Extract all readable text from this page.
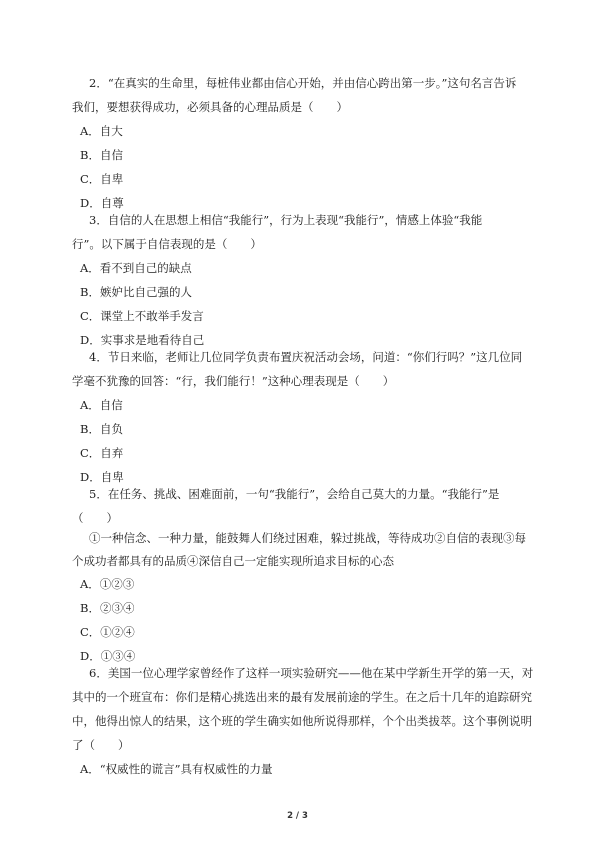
2．“在真实的生命里，每桩伟业都由信心开始，并由信心跨出第一步。”这句名言告诉
我们，要想获得成功，必须具备的心理品质是（　　）
A．自大
B．自信
C．自卑
D．自尊
3．自信的人在思想上相信“我能行”，行为上表现“我能行”，情感上体验“我能
行”。以下属于自信表现的是（　　）
A．看不到自己的缺点
B．嫉妒比自己强的人
C．课堂上不敢举手发言
D．实事求是地看待自己
4．节日来临，老师让几位同学负责布置庆祝活动会场，问道：“你们行吗？”这几位同
学毫不犹豫的回答：“行，我们能行！”这种心理表现是（　　）
A．自信
B．自负
C．自弃
D．自卑
5．在任务、挑战、困难面前，一句“我能行”，会给自己莫大的力量。“我能行”是
（　　）
①一种信念、一种力量，能鼓舞人们绕过困难，躲过挑战，等待成功②自信的表现③每
个成功者都具有的品质④深信自己一定能实现所追求目标的心态
A．①②③
B．②③④
C．①②④
D．①③④
6．美国一位心理学家曾经作了这样一项实验研究——他在某中学新生开学的第一天，对
其中的一个班宣布：你们是精心挑选出来的最有发展前途的学生。在之后十几年的追踪研究
中，他得出惊人的结果，这个班的学生确实如他所说得那样，个个出类拔萃。这个事例说明
了（　　）
A．“权威性的谎言”具有权威性的力量
2 / 3
